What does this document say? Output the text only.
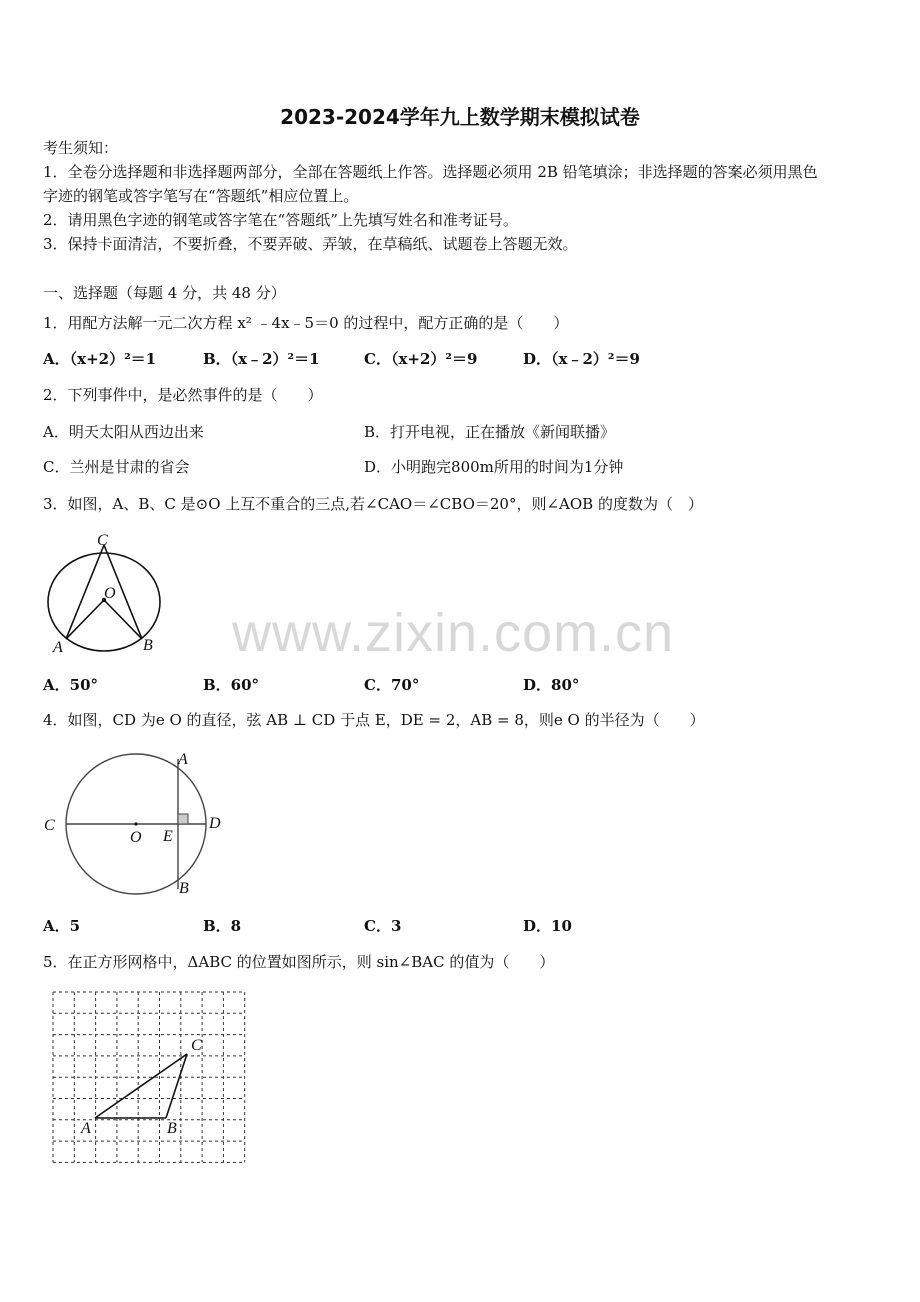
2023-2024学年九上数学期末模拟试卷
考生须知：
1．全卷分选择题和非选择题两部分，全部在答题纸上作答。选择题必须用 2B 铅笔填涂；非选择题的答案必须用黑色
字迹的钢笔或答字笔写在“答题纸”相应位置上。
2．请用黑色字迹的钢笔或答字笔在“答题纸”上先填写姓名和准考证号。
3．保持卡面清洁，不要折叠，不要弄破、弄皱，在草稿纸、试题卷上答题无效。
一、选择题（每题 4 分，共 48 分）
1．用配方法解一元二次方程 x² ﹣4x﹣5＝0 的过程中，配方正确的是（　　）
A．（x+2）²＝1	B．（x﹣2）²＝1	C．（x+2）²＝9	D．（x﹣2）²＝9
2．下列事件中，是必然事件的是（　　）
A．明天太阳从西边出来	B．打开电视，正在播放《新闻联播》
C．兰州是甘肃的省会	D．小明跑完800m所用的时间为1分钟
3．如图，A、B、C 是⊙O 上互不重合的三点,若∠CAO＝∠CBO＝20°，则∠AOB 的度数为（　）
C
O
A	B
A．50°	B．60°	C．70°	D．80°
4．如图，CD 为e O 的直径，弦 AB ⊥ CD 于点 E，DE = 2，AB = 8，则e O 的半径为（　　）
C
O E
D
A
B
A．5	B．8	C．3	D．10
5．在正方形网格中，ΔABC 的位置如图所示，则 sin∠BAC 的值为（　　）
A	B
C
www.zixin.com.cn
